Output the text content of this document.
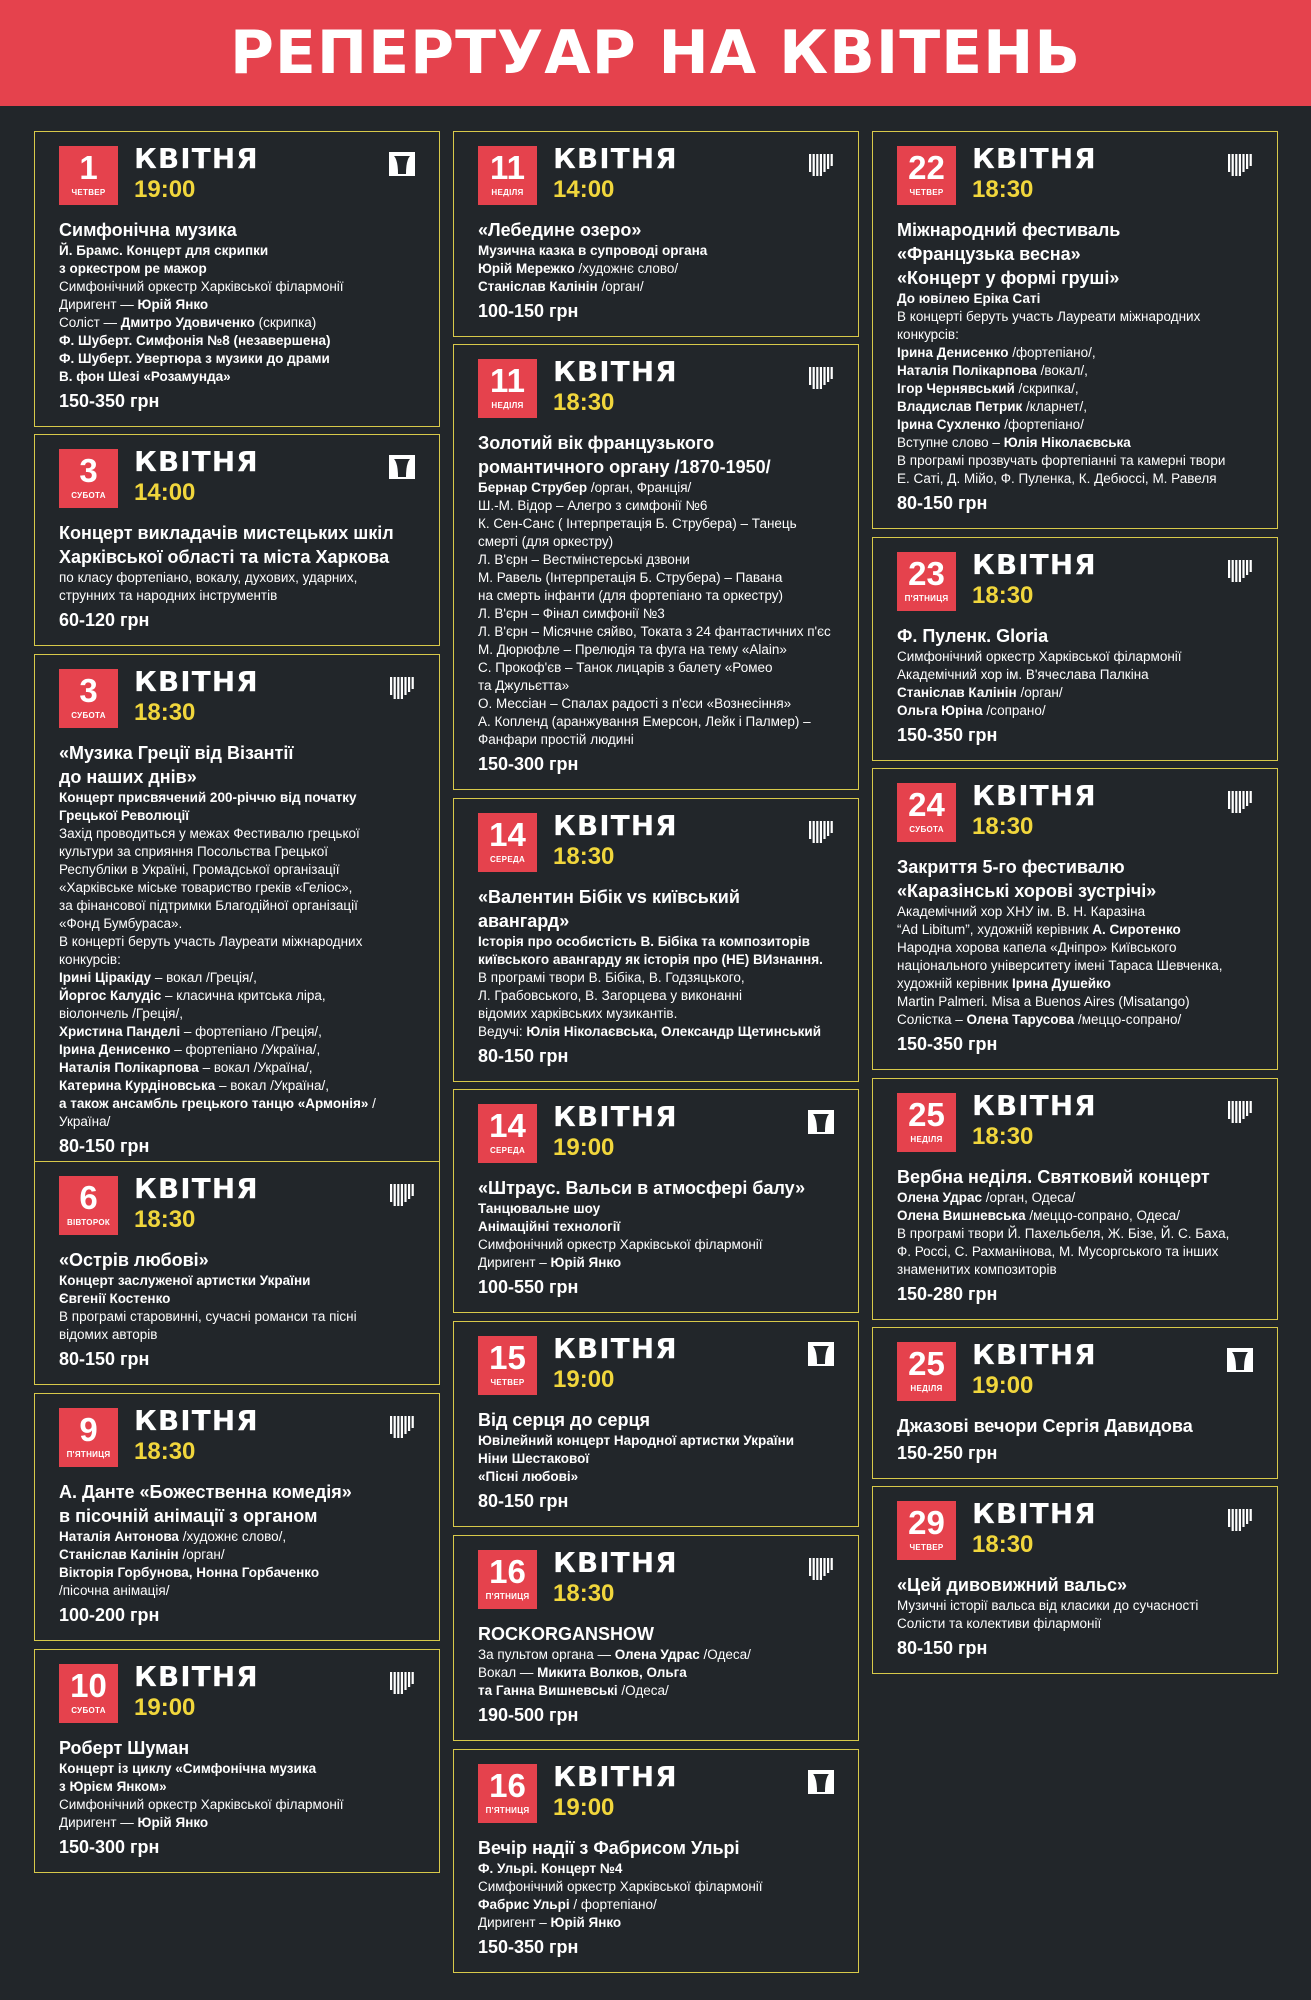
РЕПЕРТУАР НА КВІТЕНЬ
1
ЧЕТВЕР
КВІТНЯ
19:00
Симфонічна музика
Й. Брамс. Концерт для скрипки
з оркестром ре мажор
Симфонічний оркестр Харківської філармонії
Диригент — Юрій Янко
Соліст — Дмитро Удовиченко (скрипка)
Ф. Шуберт. Симфонія №8 (незавершена)
Ф. Шуберт. Увертюра з музики до драми
В. фон Шезі «Розамунда»
150-350 грн
3
СУБОТА
КВІТНЯ
14:00
Концерт викладачів мистецьких шкіл
Харківської області та міста Харкова
по класу фортепіано, вокалу, духових, ударних,
струнних та народних інструментів
60-120 грн
3
СУБОТА
КВІТНЯ
18:30
«Музика Греції від Візантії
до наших днів»
Концерт присвячений 200-річчю від початку
Грецької Революції
Захід проводиться у межах Фестивалю грецької
культури за сприяння Посольства Грецької
Республіки в Україні, Громадської організації
«Харківське міське товариство греків «Геліос»,
за фінансової підтримки Благодійної організації
«Фонд Бумбураса».
В концерті беруть участь Лауреати міжнародних
конкурсів:
Ірині Ціракіду – вокал /Греція/,
Йоргос Калудіс – класична критська ліра,
віолончель /Греція/,
Христина Панделі – фортепіано /Греція/,
Ірина Денисенко – фортепіано /Україна/,
Наталія Полікарпова – вокал /Україна/,
Катерина Курдіновська – вокал /Україна/,
а також ансамбль грецького танцю «Армонія» /Україна/
80-150 грн
6
ВІВТОРОК
КВІТНЯ
18:30
«Острів любові»
Концерт заслуженої артистки України
Євгенії Костенко
В програмі старовинні, сучасні романси та пісні
відомих авторів
80-150 грн
9
П'ЯТНИЦЯ
КВІТНЯ
18:30
А. Данте «Божественна комедія»
в пісочній анімації з органом
Наталія Антонова /художнє слово/,
Станіслав Калінін /орган/
Вікторія Горбунова, Нонна Горбаченко
/пісочна анімація/
100-200 грн
10
СУБОТА
КВІТНЯ
19:00
Роберт Шуман
Концерт із циклу «Симфонічна музика
з Юрієм Янком»
Симфонічний оркестр Харківської філармонії
Диригент — Юрій Янко
150-300 грн
11
НЕДІЛЯ
КВІТНЯ
14:00
«Лебедине озеро»
Музична казка в супроводі органа
Юрій Мережко /художнє слово/
Станіслав Калінін /орган/
100-150 грн
11
НЕДІЛЯ
КВІТНЯ
18:30
Золотий вік французького
романтичного органу /1870-1950/
Бернар Струбер /орган, Франція/
Ш.-М. Відор – Алегро з симфонії №6
К. Сен-Санс ( Інтерпретація Б. Струбера) – Танець
смерті (для оркестру)
Л. В'єрн – Вестмінстерські дзвони
М. Равель (Інтерпретація Б. Струбера) – Павана
на смерть інфанти (для фортепіано та оркестру)
Л. В'єрн – Фінал симфонії №3
Л. В'єрн – Місячне сяйво, Токата з 24 фантастичних п'єс
М. Дюрюфле – Прелюдія та фуга на тему «Alain»
С. Прокоф'єв – Танок лицарів з балету «Ромео
та Джульєтта»
О. Мессіан – Спалах радості з п'єси «Вознесіння»
А. Копленд (аранжування Емерсон, Лейк і Палмер) –
Фанфари простій людині
150-300 грн
14
СЕРЕДА
КВІТНЯ
18:30
«Валентин Бібік vs київський
авангард»
Історія про особистість В. Бібіка та композиторів
київського авангарду як історія про (НЕ) ВИзнання.
В програмі твори В. Бібіка, В. Годзяцького,
Л. Грабовського, В. Загорцева у виконанні
відомих харківських музикантів.
Ведучі: Юлія Ніколаєвська, Олександр Щетинський
80-150 грн
14
СЕРЕДА
КВІТНЯ
19:00
«Штраус. Вальси в атмосфері балу»
Танцювальне шоу
Анімаційні технології
Симфонічний оркестр Харківської філармонії
Диригент – Юрій Янко
100-550 грн
15
ЧЕТВЕР
КВІТНЯ
19:00
Від серця до серця
Ювілейний концерт Народної артистки України
Ніни Шестакової
«Пісні любові»
80-150 грн
16
П'ЯТНИЦЯ
КВІТНЯ
18:30
ROCKORGANSHOW
За пультом органа — Олена Удрас /Одеса/
Вокал — Микита Волков, Ольга
та Ганна Вишневські /Одеса/
190-500 грн
16
П'ЯТНИЦЯ
КВІТНЯ
19:00
Вечір надії з Фабрисом Ульрі
Ф. Ульрі. Концерт №4
Симфонічний оркестр Харківської філармонії
Фабрис Ульрі / фортепіано/
Диригент – Юрій Янко
150-350 грн
22
ЧЕТВЕР
КВІТНЯ
18:30
Міжнародний фестиваль
«Французька весна»
«Концерт у формі груші»
До ювілею Еріка Саті
В концерті беруть участь Лауреати міжнародних
конкурсів:
Ірина Денисенко /фортепіано/,
Наталія Полікарпова /вокал/,
Ігор Чернявський /скрипка/,
Владислав Петрик /кларнет/,
Ірина Сухленко /фортепіано/
Вступне слово – Юлія Ніколаєвська
В програмі прозвучать фортепіанні та камерні твори
Е. Саті, Д. Мійо, Ф. Пуленка, К. Дебюссі, М. Равеля
80-150 грн
23
П'ЯТНИЦЯ
КВІТНЯ
18:30
Ф. Пуленк. Gloria
Симфонічний оркестр Харківської філармонії
Академічний хор ім. В'ячеслава Палкіна
Станіслав Калінін /орган/
Ольга Юріна /сопрано/
150-350 грн
24
СУБОТА
КВІТНЯ
18:30
Закриття 5-го фестивалю
«Каразінські хорові зустрічі»
Академічний хор ХНУ ім. В. Н. Каразіна
“Ad Libitum”, художній керівник А. Сиротенко
Народна хорова капела «Дніпро» Київського
національного університету імені Тараса Шевченка,
художній керівник Ірина Душейко
Martin Palmeri. Misa a Buenos Aires (Misatango)
Солістка – Олена Тарусова /меццо-сопрано/
150-350 грн
25
НЕДІЛЯ
КВІТНЯ
18:30
Вербна неділя. Святковий концерт
Олена Удрас /орган, Одеса/
Олена Вишневська /меццо-сопрано, Одеса/
В програмі твори Й. Пахельбеля, Ж. Бізе, Й. С. Баха,
Ф. Россі, С. Рахманінова, М. Мусоргського та інших
знаменитих композиторів
150-280 грн
25
НЕДІЛЯ
КВІТНЯ
19:00
Джазові вечори Сергія Давидова
150-250 грн
29
ЧЕТВЕР
КВІТНЯ
18:30
«Цей дивовижний вальс»
Музичні історії вальса від класики до сучасності
Солісти та колективи філармонії
80-150 грн
